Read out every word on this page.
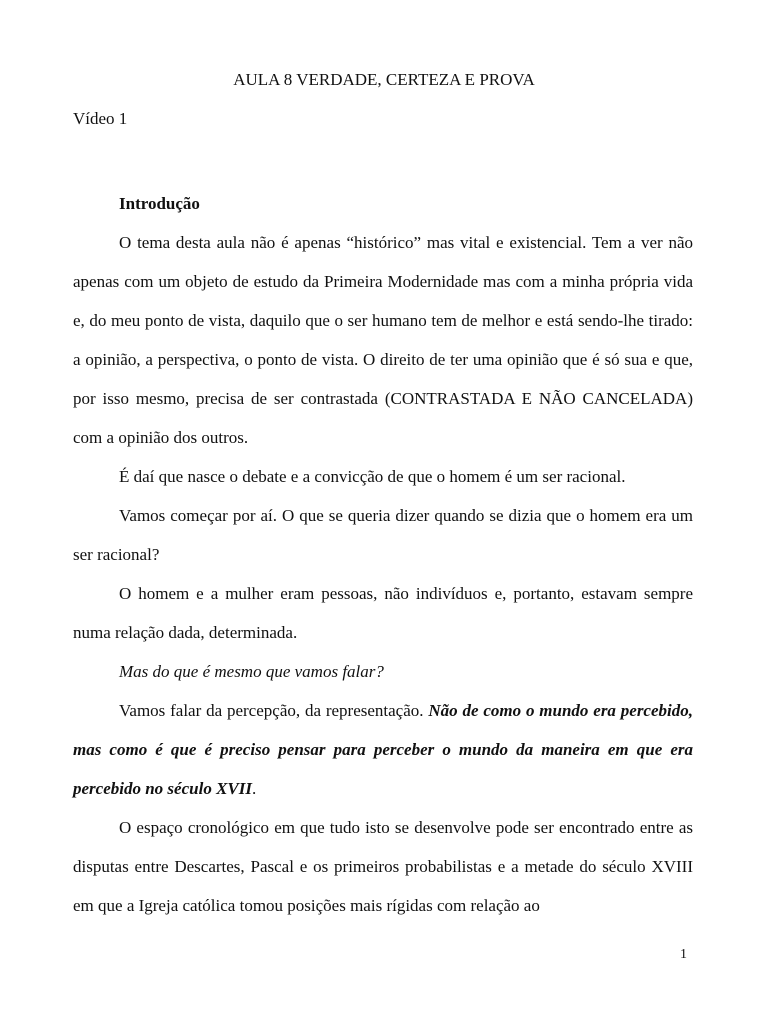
AULA 8 VERDADE, CERTEZA E PROVA
Vídeo 1

Introdução

O tema desta aula não é apenas “histórico” mas vital e existencial. Tem a ver não apenas com um objeto de estudo da Primeira Modernidade mas com a minha própria vida e, do meu ponto de vista, daquilo que o ser humano tem de melhor e está sendo-lhe tirado: a opinião, a perspectiva, o ponto de vista. O direito de ter uma opinião que é só sua e que, por isso mesmo, precisa de ser contrastada (CONTRASTADA E NÃO CANCELADA) com a opinião dos outros.

É daí que nasce o debate e a convicção de que o homem é um ser racional.

Vamos começar por aí. O que se queria dizer quando se dizia que o homem era um ser racional?

O homem e a mulher eram pessoas, não indivíduos e, portanto, estavam sempre numa relação dada, determinada.

Mas do que é mesmo que vamos falar?

Vamos falar da percepção, da representação. Não de como o mundo era percebido, mas como é que é preciso pensar para perceber o mundo da maneira em que era percebido no século XVII.

O espaço cronológico em que tudo isto se desenvolve pode ser encontrado entre as disputas entre Descartes, Pascal e os primeiros probabilistas e a metade do século XVIII em que a Igreja católica tomou posições mais rígidas com relação ao

1
